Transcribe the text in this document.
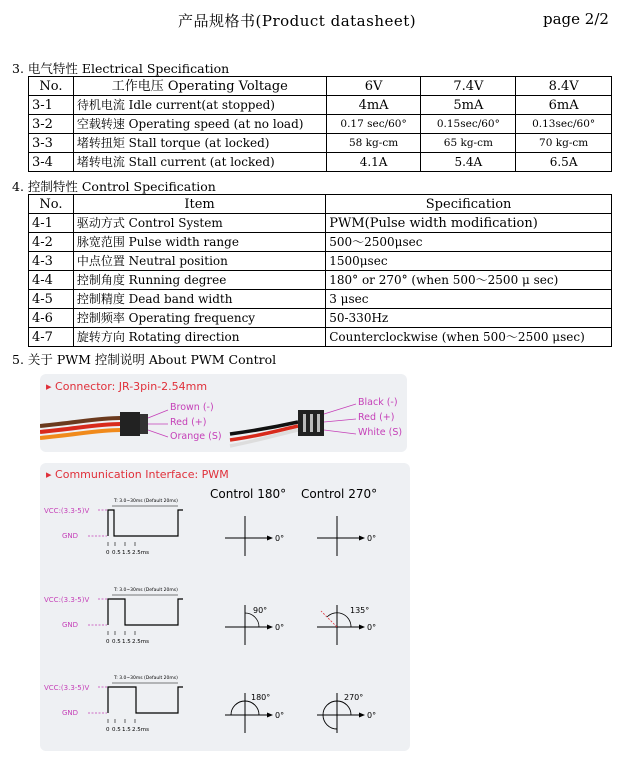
产品规格书(Product datasheet)	page 2/2
3. 电气特性 Electrical Specification
No.	工作电压 Operating Voltage	6V	7.4V	8.4V
3-1	待机电流 Idle current(at stopped)	4mA	5mA	6mA
3-2	空载转速 Operating speed (at no load)	0.17 sec/60°	0.15sec/60°	0.13sec/60°
3-3	堵转扭矩 Stall torque (at locked)	58 kg-cm	65 kg-cm	70 kg-cm
3-4	堵转电流 Stall current (at locked)	4.1A	5.4A	6.5A
4. 控制特性 Control Specification
No.	Item	Specification
4-1	驱动方式 Control System	PWM(Pulse width modification)
4-2	脉宽范围 Pulse width range	500～2500μsec
4-3	中点位置 Neutral position	1500μsec
4-4	控制角度 Running degree	180° or 270° (when 500～2500 μ sec)
4-5	控制精度 Dead band width	3 μsec
4-6	控制频率 Operating frequency	50-330Hz
4-7	旋转方向 Rotating direction	Counterclockwise (when 500～2500 μsec)
5. 关于 PWM 控制说明 About PWM Control
▸ Connector: JR-3pin-2.54mm
Brown (-)
Red (+)
Orange (S)
Black (-)
Red (+)
White (S)
▸ Communication Interface: PWM
Control 180° Control 270°
VCC:(3.3-5)V
GND
T: 3.0~30ms (Default 20ms)
0 0.5 1.5 2.5ms
0°	0°
VCC:(3.3-5)V
GND
T: 3.0~30ms (Default 20ms)
0 0.5 1.5 2.5ms
0°	0°
90°	135°
VCC:(3.3-5)V
GND
T: 3.0~30ms (Default 20ms)
0 0.5 1.5 2.5ms
0°	0°
180°	270°
